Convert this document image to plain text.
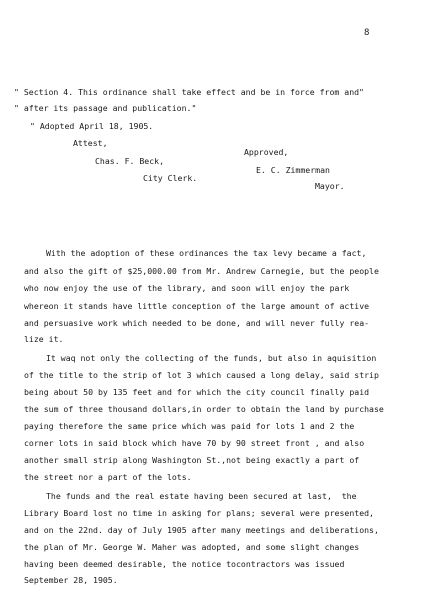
8
" Section 4. This ordinance shall take effect and be in force from and"
" after its passage and publication."
" Adopted April 18, 1905.
Attest,
Approved,
Chas. F. Beck,
E. C. Zimmerman
City Clerk.
Mayor.
With the adoption of these ordinances the tax levy became a fact,
and also the gift of $25,000.00 from Mr. Andrew Carnegie, but the people
who now enjoy the use of the library, and soon will enjoy the park
whereon it stands have little conception of the large amount of active
and persuasive work which needed to be done, and will never fully rea-
lize it.
It waq not only the collecting of the funds, but also in aquisition
of the title to the strip of lot 3 which caused a long delay, said strip
being about 50 by 135 feet and for which the city council finally paid
the sum of three thousand dollars,in order to obtain the land by purchase
paying therefore the same price which was paid for lots 1 and 2 the
corner lots in said block which have 70 by 90 street front , and also
another small strip along Washington St.,not being exactly a part of
the street nor a part of the lots.
The funds and the real estate having been secured at last,  the
Library Board lost no time in asking for plans; several were presented,
and on the 22nd. day of July 1905 after many meetings and deliberations,
the plan of Mr. George W. Maher was adopted, and some slight changes
having been deemed desirable, the notice tocontractors was issued
September 28, 1905.
